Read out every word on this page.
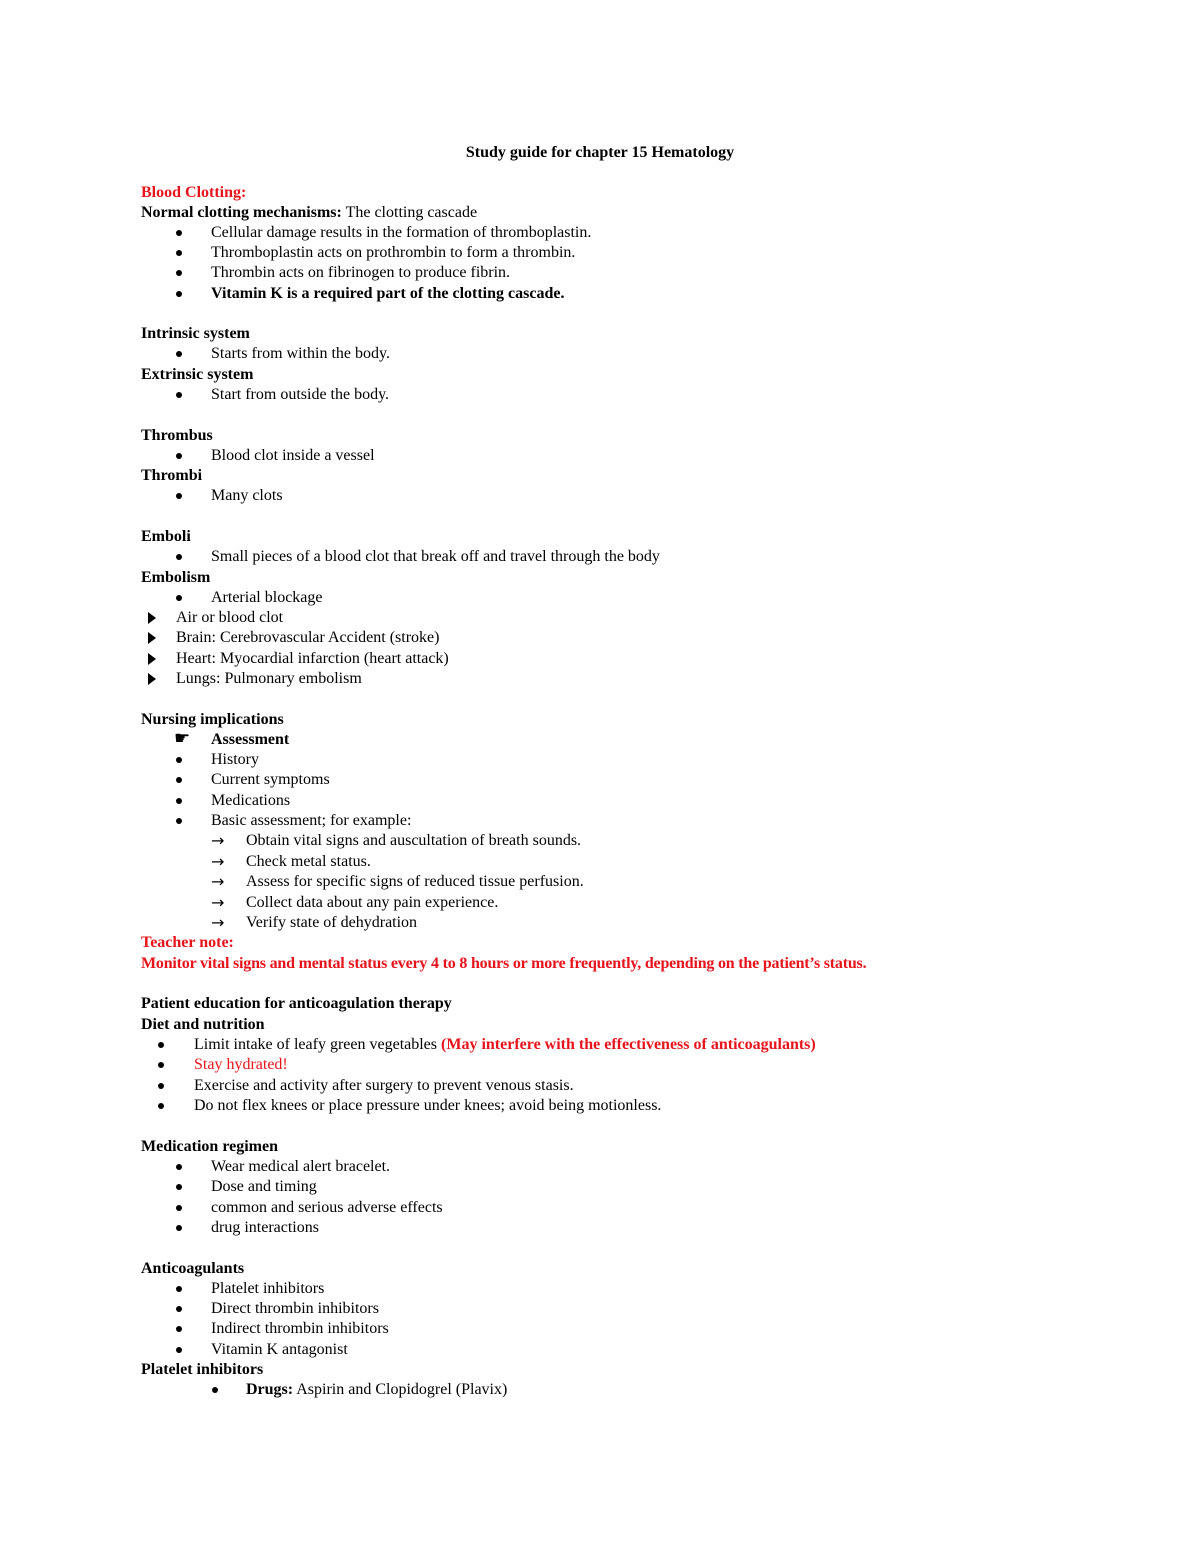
Study guide for chapter 15 Hematology
Blood Clotting:
Normal clotting mechanisms: The clotting cascade
Cellular damage results in the formation of thromboplastin.
Thromboplastin acts on prothrombin to form a thrombin.
Thrombin acts on fibrinogen to produce fibrin.
Vitamin K is a required part of the clotting cascade.
Intrinsic system
Starts from within the body.
Extrinsic system
Start from outside the body.
Thrombus
Blood clot inside a vessel
Thrombi
Many clots
Emboli
Small pieces of a blood clot that break off and travel through the body
Embolism
Arterial blockage
Air or blood clot
Brain: Cerebrovascular Accident (stroke)
Heart: Myocardial infarction (heart attack)
Lungs: Pulmonary embolism
Nursing implications
☛ Assessment
History
Current symptoms
Medications
Basic assessment; for example:
→ Obtain vital signs and auscultation of breath sounds.
→ Check metal status.
→ Assess for specific signs of reduced tissue perfusion.
→ Collect data about any pain experience.
→ Verify state of dehydration
Teacher note:
Monitor vital signs and mental status every 4 to 8 hours or more frequently, depending on the patient’s status.
Patient education for anticoagulation therapy
Diet and nutrition
Limit intake of leafy green vegetables (May interfere with the effectiveness of anticoagulants)
Stay hydrated!
Exercise and activity after surgery to prevent venous stasis.
Do not flex knees or place pressure under knees; avoid being motionless.
Medication regimen
Wear medical alert bracelet.
Dose and timing
common and serious adverse effects
drug interactions
Anticoagulants
Platelet inhibitors
Direct thrombin inhibitors
Indirect thrombin inhibitors
Vitamin K antagonist
Platelet inhibitors
Drugs: Aspirin and Clopidogrel (Plavix)
